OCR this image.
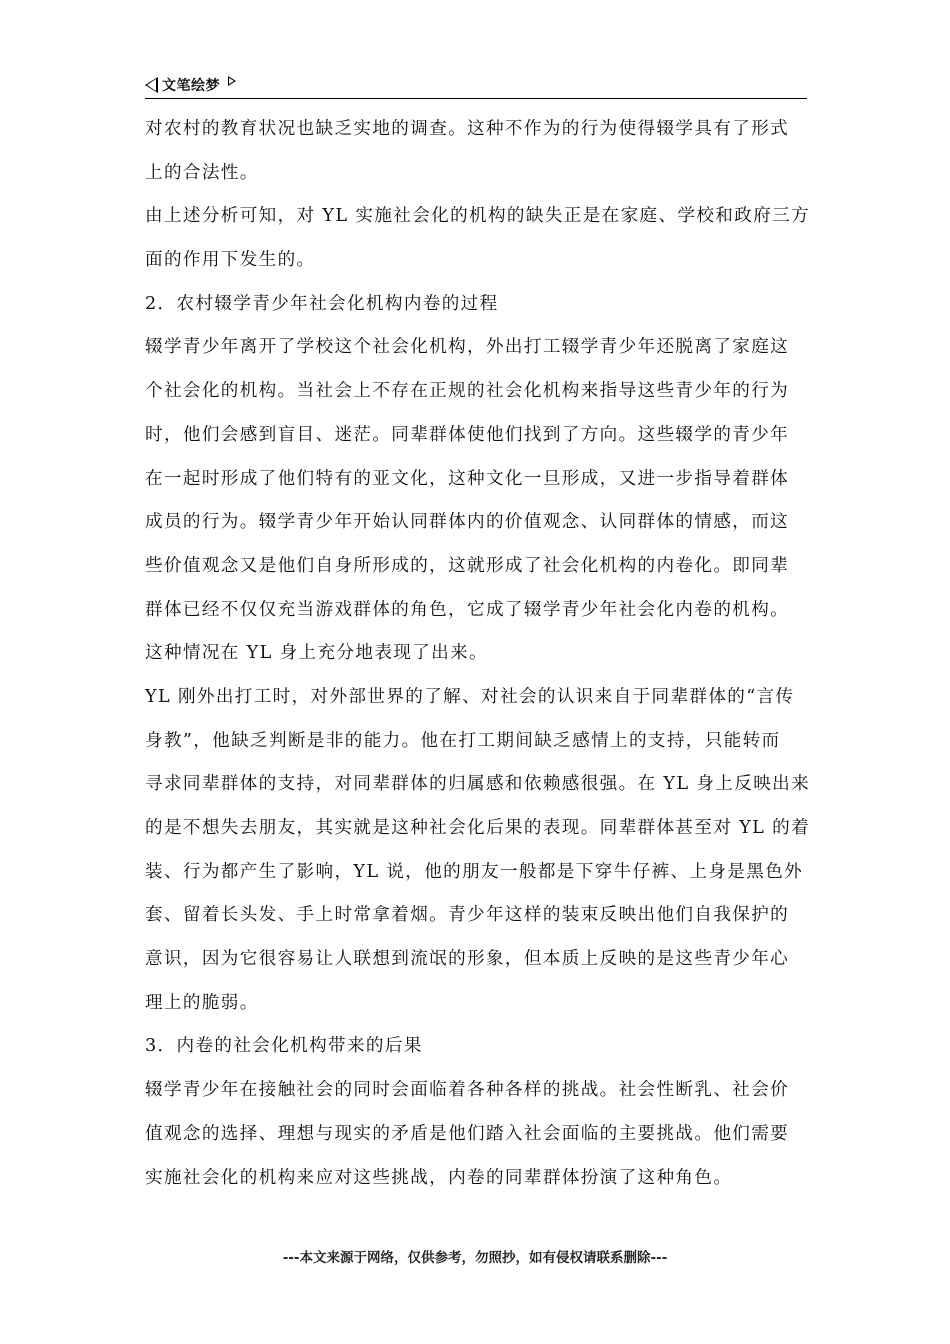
文笔绘梦
对农村的教育状况也缺乏实地的调查。这种不作为的行为使得辍学具有了形式
上的合法性。
由上述分析可知，对 YL 实施社会化的机构的缺失正是在家庭、学校和政府三方
面的作用下发生的。
2．农村辍学青少年社会化机构内卷的过程
辍学青少年离开了学校这个社会化机构，外出打工辍学青少年还脱离了家庭这
个社会化的机构。当社会上不存在正规的社会化机构来指导这些青少年的行为
时，他们会感到盲目、迷茫。同辈群体使他们找到了方向。这些辍学的青少年
在一起时形成了他们特有的亚文化，这种文化一旦形成，又进一步指导着群体
成员的行为。辍学青少年开始认同群体内的价值观念、认同群体的情感，而这
些价值观念又是他们自身所形成的，这就形成了社会化机构的内卷化。即同辈
群体已经不仅仅充当游戏群体的角色，它成了辍学青少年社会化内卷的机构。
这种情况在 YL 身上充分地表现了出来。
YL 刚外出打工时，对外部世界的了解、对社会的认识来自于同辈群体的“言传
身教”，他缺乏判断是非的能力。他在打工期间缺乏感情上的支持，只能转而
寻求同辈群体的支持，对同辈群体的归属感和依赖感很强。在 YL 身上反映出来
的是不想失去朋友，其实就是这种社会化后果的表现。同辈群体甚至对 YL 的着
装、行为都产生了影响，YL 说，他的朋友一般都是下穿牛仔裤、上身是黑色外
套、留着长头发、手上时常拿着烟。青少年这样的装束反映出他们自我保护的
意识，因为它很容易让人联想到流氓的形象，但本质上反映的是这些青少年心
理上的脆弱。
3．内卷的社会化机构带来的后果
辍学青少年在接触社会的同时会面临着各种各样的挑战。社会性断乳、社会价
值观念的选择、理想与现实的矛盾是他们踏入社会面临的主要挑战。他们需要
实施社会化的机构来应对这些挑战，内卷的同辈群体扮演了这种角色。
---本文来源于网络，仅供参考，勿照抄，如有侵权请联系删除---
